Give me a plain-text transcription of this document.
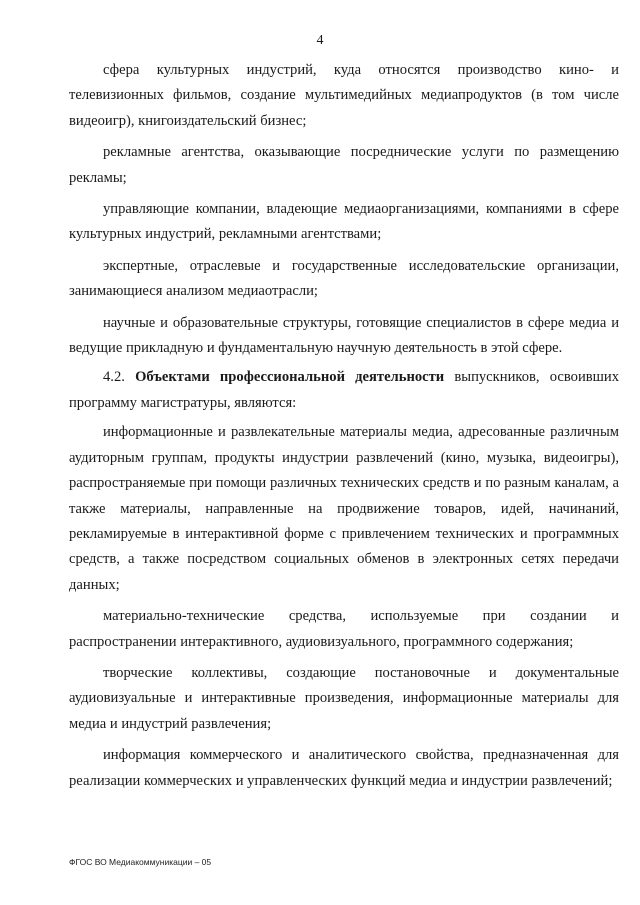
4

сфера культурных индустрий, куда относятся производство кино- и телевизионных фильмов, создание мультимедийных медиапродуктов (в том числе видеоигр), книгоиздательский бизнес;

рекламные агентства, оказывающие посреднические услуги по размещению рекламы;

управляющие компании, владеющие медиаорганизациями, компаниями в сфере культурных индустрий, рекламными агентствами;

экспертные, отраслевые и государственные исследовательские организации, занимающиеся анализом медиаотрасли;

научные и образовательные структуры, готовящие специалистов в сфере медиа и ведущие прикладную и фундаментальную научную деятельность в этой сфере.

4.2. Объектами профессиональной деятельности выпускников, освоивших программу магистратуры, являются:

информационные и развлекательные материалы медиа, адресованные различным аудиторным группам, продукты индустрии развлечений (кино, музыка, видеоигры), распространяемые при помощи различных технических средств и по разным каналам, а также материалы, направленные на продвижение товаров, идей, начинаний, рекламируемые в интерактивной форме с привлечением технических и программных средств, а также посредством социальных обменов в электронных сетях передачи данных;

материально-технические средства, используемые при создании и распространении интерактивного, аудиовизуального, программного содержания;

творческие коллективы, создающие постановочные и документальные аудиовизуальные и интерактивные произведения, информационные материалы для медиа и индустрий развлечения;

информация коммерческого и аналитического свойства, предназначенная для реализации коммерческих и управленческих функций медиа и индустрии развлечений;

ФГОС ВО Медиакоммуникации – 05
